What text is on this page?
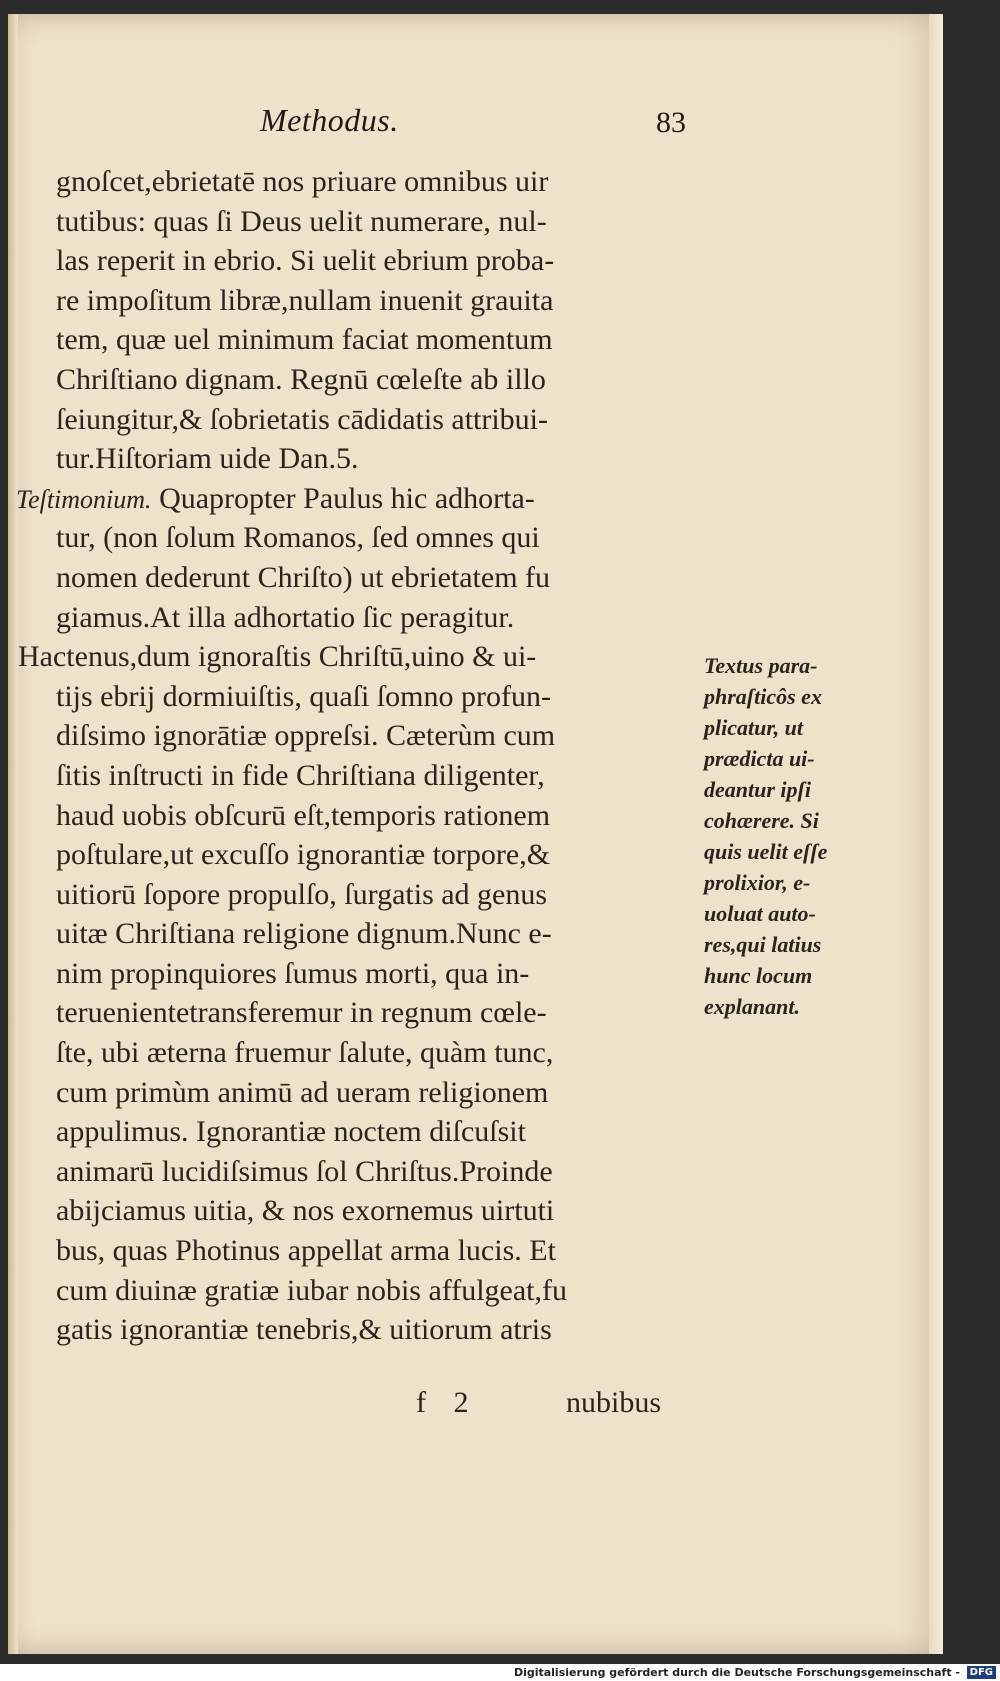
Methodus.	83
gnoſcet,ebrietatē nos priuare omnibus uir
tutibus: quas ſi Deus uelit numerare, nul-
las reperit in ebrio. Si uelit ebrium proba-
re impoſitum libræ,nullam inuenit grauita
tem, quæ uel minimum faciat momentum
Chriſtiano dignam. Regnū cœleſte ab illo
ſeiungitur,& ſobrietatis cādidatis attribui-
tur.Hiſtoriam uide Dan.5.
Teſtimonium. Quapropter Paulus hic adhorta-
tur, (non ſolum Romanos, ſed omnes qui
nomen dederunt Chriſto) ut ebrietatem fu
giamus.At illa adhortatio ſic peragitur.
Hactenus,dum ignoraſtis Chriſtū,uino & ui-
tijs ebrij dormiuiſtis, quaſi ſomno profun-
diſsimo ignorātiæ oppreſsi. Cæterùm cum
ſitis inſtructi in fide Chriſtiana diligenter,
haud uobis obſcurū eſt,temporis rationem
poſtulare,ut excuſſo ignorantiæ torpore,&
uitiorū ſopore propulſo, ſurgatis ad genus
uitæ Chriſtiana religione dignum.Nunc e-
nim propinquiores ſumus morti, qua in-
teruenientetransferemur in regnum cœle-
ſte, ubi æterna fruemur ſalute, quàm tunc,
cum primùm animū ad ueram religionem
appulimus. Ignorantiæ noctem diſcuſsit
animarū lucidiſsimus ſol Chriſtus.Proinde
abijciamus uitia, & nos exornemus uirtuti
bus, quas Photinus appellat arma lucis. Et
cum diuinæ gratiæ iubar nobis affulgeat,fu
gatis ignorantiæ tenebris,& uitiorum atris
Textus para-
phraſticôs ex
plicatur, ut
prædicta ui-
deantur ipſi
cohærere. Si
quis uelit eſſe
prolixior, e-
uoluat auto-
res,qui latius
hunc locum
explanant.
f 2	nubibus
Digitalisierung gefördert durch die Deutsche Forschungsgemeinschaft - DFG
